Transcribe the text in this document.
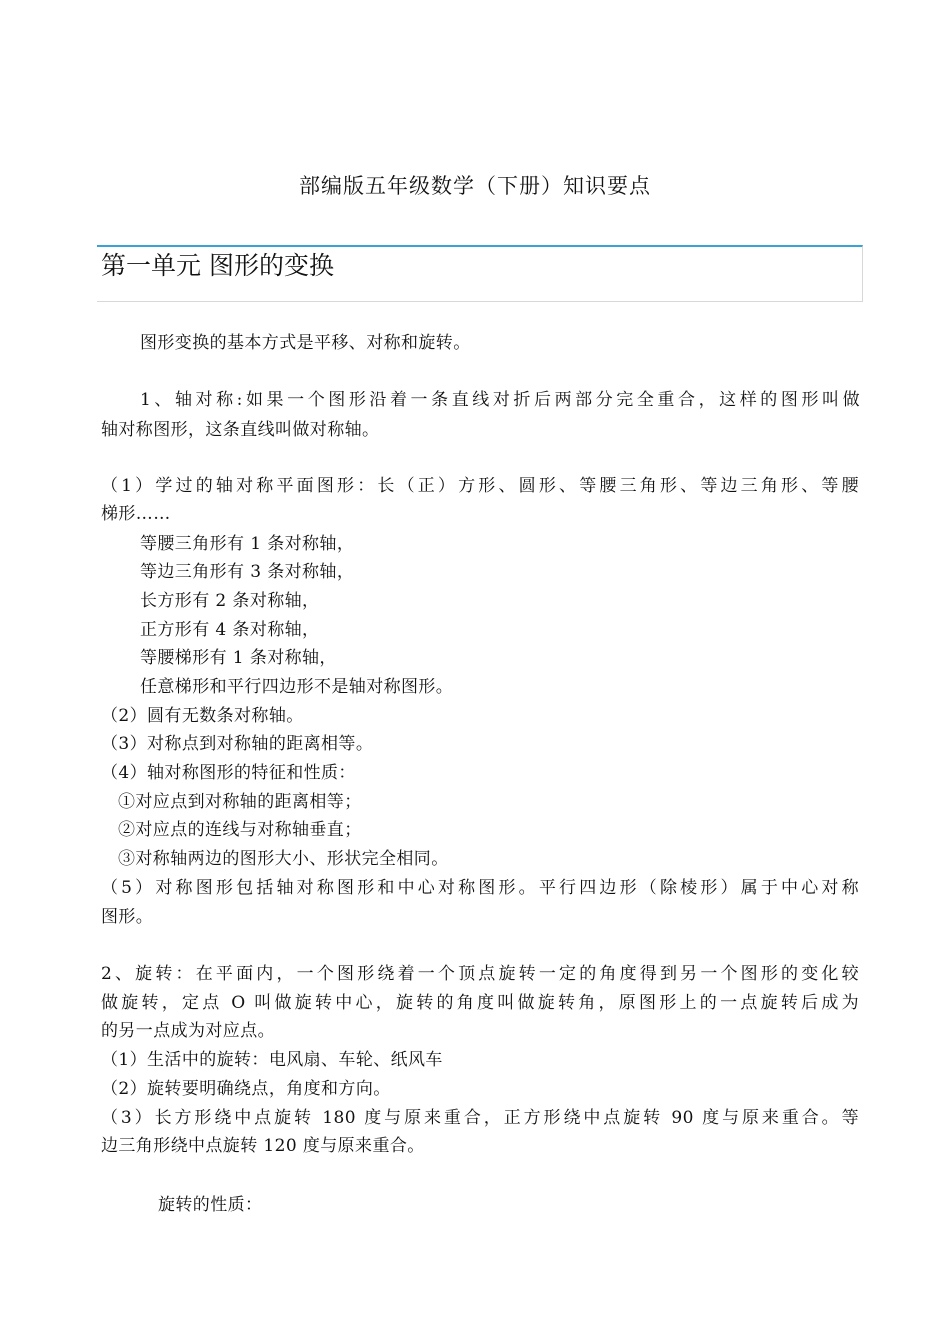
部编版五年级数学（下册）知识要点
第一单元 图形的变换
图形变换的基本方式是平移、对称和旋转。
1、轴对称:如果一个图形沿着一条直线对折后两部分完全重合，这样的图形叫做
轴对称图形，这条直线叫做对称轴。
（1）学过的轴对称平面图形：长（正）方形、圆形、等腰三角形、等边三角形、等腰
梯形……
等腰三角形有 1 条对称轴，
等边三角形有 3 条对称轴，
长方形有 2 条对称轴，
正方形有 4 条对称轴，
等腰梯形有 1 条对称轴，
任意梯形和平行四边形不是轴对称图形。
（2）圆有无数条对称轴。
（3）对称点到对称轴的距离相等。
（4）轴对称图形的特征和性质：
①对应点到对称轴的距离相等；
②对应点的连线与对称轴垂直；
③对称轴两边的图形大小、形状完全相同。
（5）对称图形包括轴对称图形和中心对称图形。平行四边形（除棱形）属于中心对称
图形。
2、旋转：在平面内，一个图形绕着一个顶点旋转一定的角度得到另一个图形的变化较
做旋转，定点 O 叫做旋转中心，旋转的角度叫做旋转角，原图形上的一点旋转后成为
的另一点成为对应点。
（1）生活中的旋转：电风扇、车轮、纸风车
（2）旋转要明确绕点，角度和方向。
（3）长方形绕中点旋转 180 度与原来重合，正方形绕中点旋转 90 度与原来重合。等
边三角形绕中点旋转 120 度与原来重合。
旋转的性质：
